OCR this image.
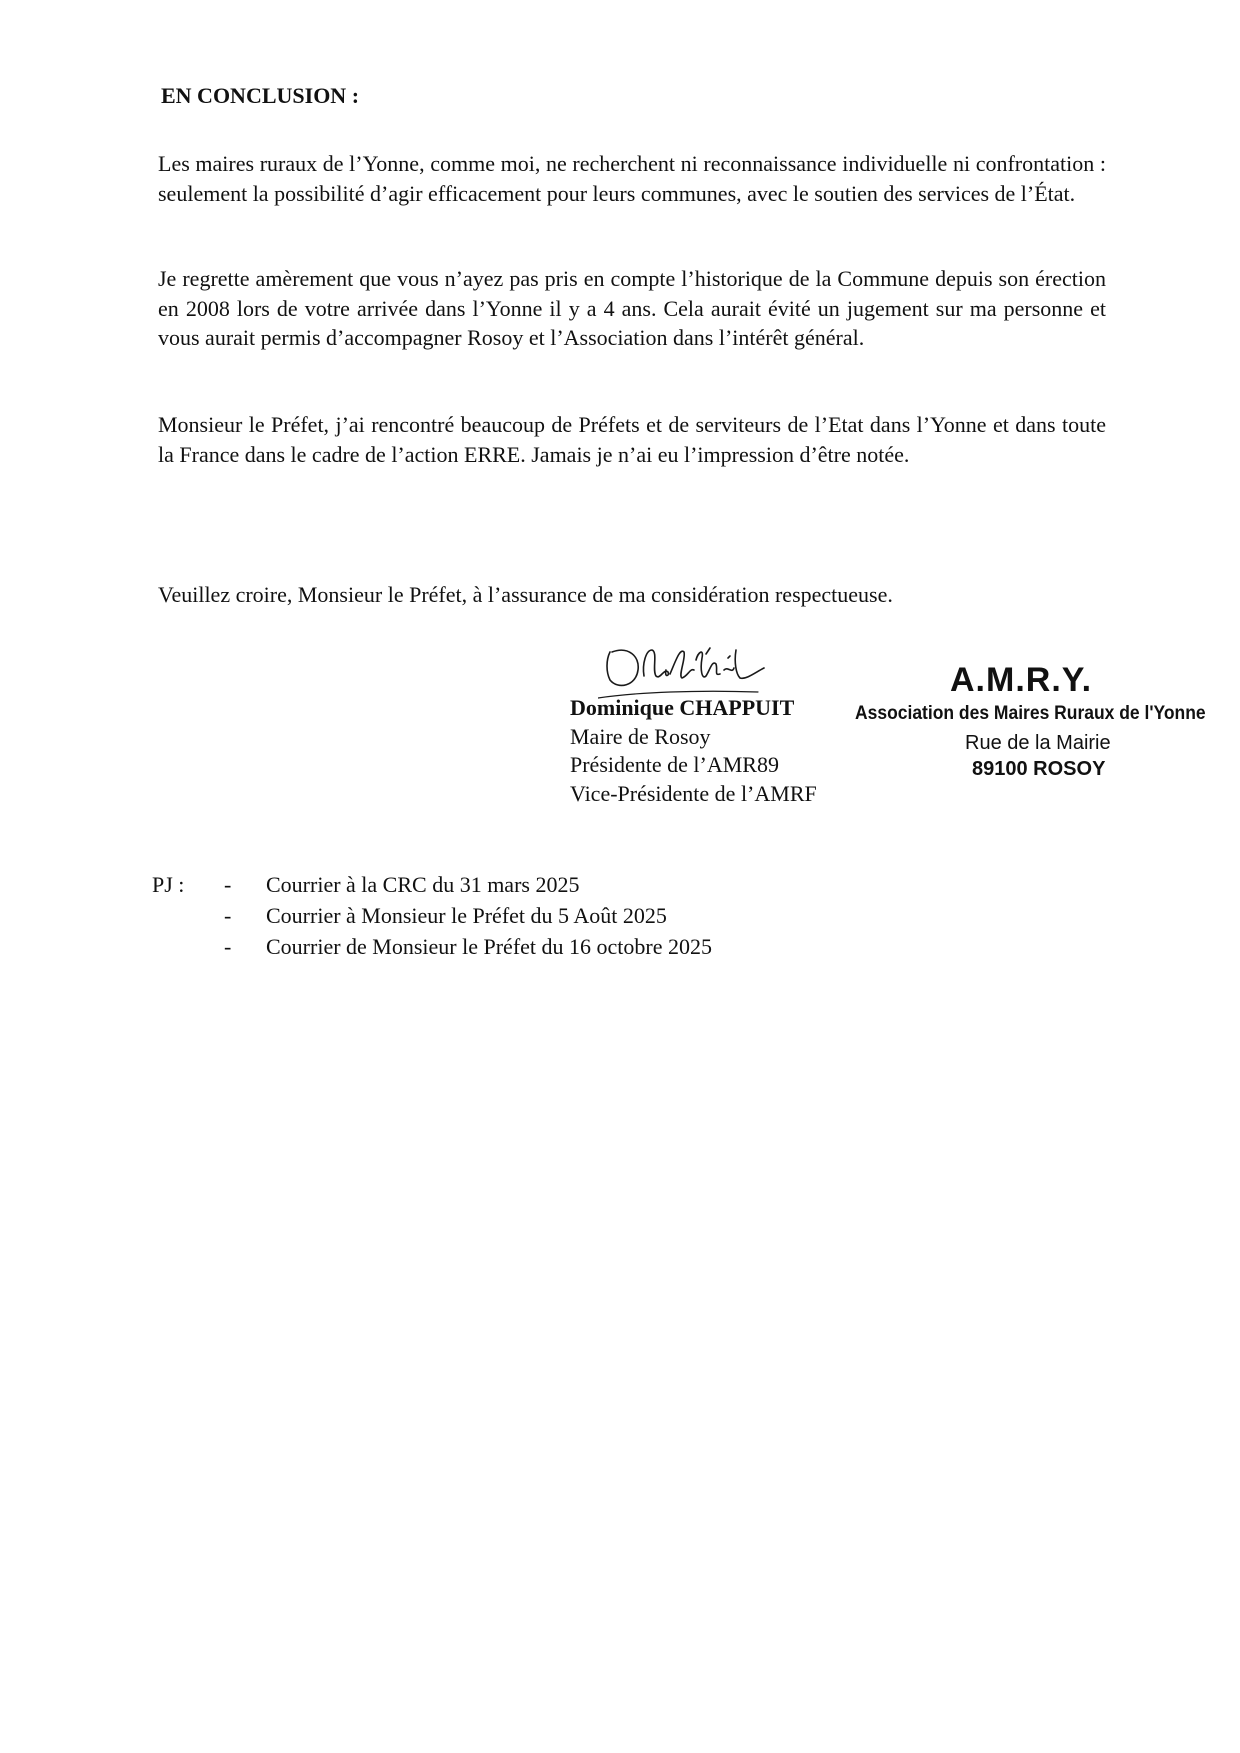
EN CONCLUSION :

Les maires ruraux de l’Yonne, comme moi, ne recherchent ni reconnaissance individuelle ni confrontation : seulement la possibilité d’agir efficacement pour leurs communes, avec le soutien des services de l’État.

Je regrette amèrement que vous n’ayez pas pris en compte l’historique de la Commune depuis son érection en 2008 lors de votre arrivée dans l’Yonne il y a 4 ans. Cela aurait évité un jugement sur ma personne et vous aurait permis d’accompagner Rosoy et l’Association dans l’intérêt général.

Monsieur le Préfet, j’ai rencontré beaucoup de Préfets et de serviteurs de l’Etat dans l’Yonne et dans toute la France dans le cadre de l’action ERRE. Jamais je n’ai eu l’impression d’être notée.

Veuillez croire, Monsieur le Préfet, à l’assurance de ma considération respectueuse.

Dominique CHAPPUIT
Maire de Rosoy
Présidente de l’AMR89
Vice-Présidente de l’AMRF
A.M.R.Y.
Association des Maires Ruraux de l'Yonne
Rue de la Mairie
89100 ROSOY
PJ : - Courrier à la CRC du 31 mars 2025
- Courrier à Monsieur le Préfet du 5 Août 2025
- Courrier de Monsieur le Préfet du 16 octobre 2025
